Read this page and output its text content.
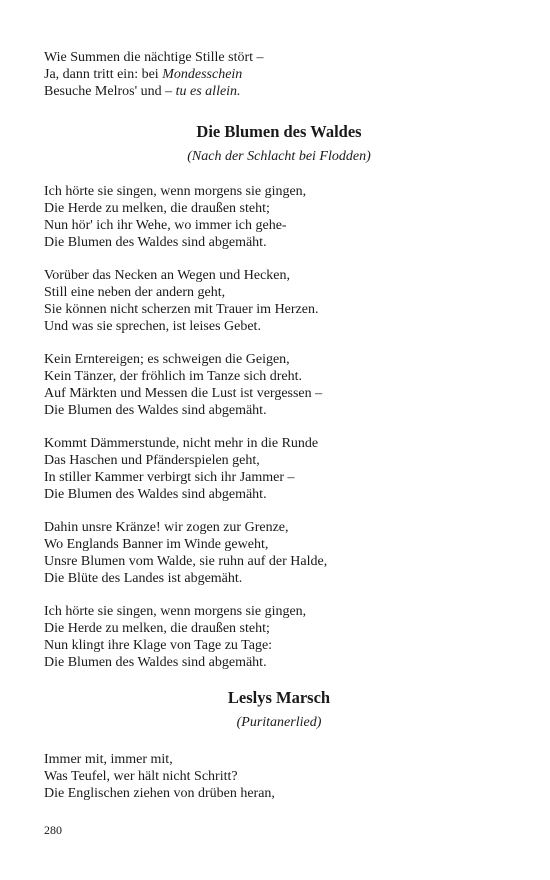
Wie Summen die nächtige Stille stört –
Ja, dann tritt ein: bei Mondesschein
Besuche Melros' und – tu es allein.
Die Blumen des Waldes
(Nach der Schlacht bei Flodden)
Ich hörte sie singen, wenn morgens sie gingen,
Die Herde zu melken, die draußen steht;
Nun hör' ich ihr Wehe, wo immer ich gehe-
Die Blumen des Waldes sind abgemäht.
Vorüber das Necken an Wegen und Hecken,
Still eine neben der andern geht,
Sie können nicht scherzen mit Trauer im Herzen.
Und was sie sprechen, ist leises Gebet.
Kein Erntereigen; es schweigen die Geigen,
Kein Tänzer, der fröhlich im Tanze sich dreht.
Auf Märkten und Messen die Lust ist vergessen –
Die Blumen des Waldes sind abgemäht.
Kommt Dämmerstunde, nicht mehr in die Runde
Das Haschen und Pfänderspielen geht,
In stiller Kammer verbirgt sich ihr Jammer –
Die Blumen des Waldes sind abgemäht.
Dahin unsre Kränze! wir zogen zur Grenze,
Wo Englands Banner im Winde geweht,
Unsre Blumen vom Walde, sie ruhn auf der Halde,
Die Blüte des Landes ist abgemäht.
Ich hörte sie singen, wenn morgens sie gingen,
Die Herde zu melken, die draußen steht;
Nun klingt ihre Klage von Tage zu Tage:
Die Blumen des Waldes sind abgemäht.
Leslys Marsch
(Puritanerlied)
Immer mit, immer mit,
Was Teufel, wer hält nicht Schritt?
Die Englischen ziehen von drüben heran,
280
